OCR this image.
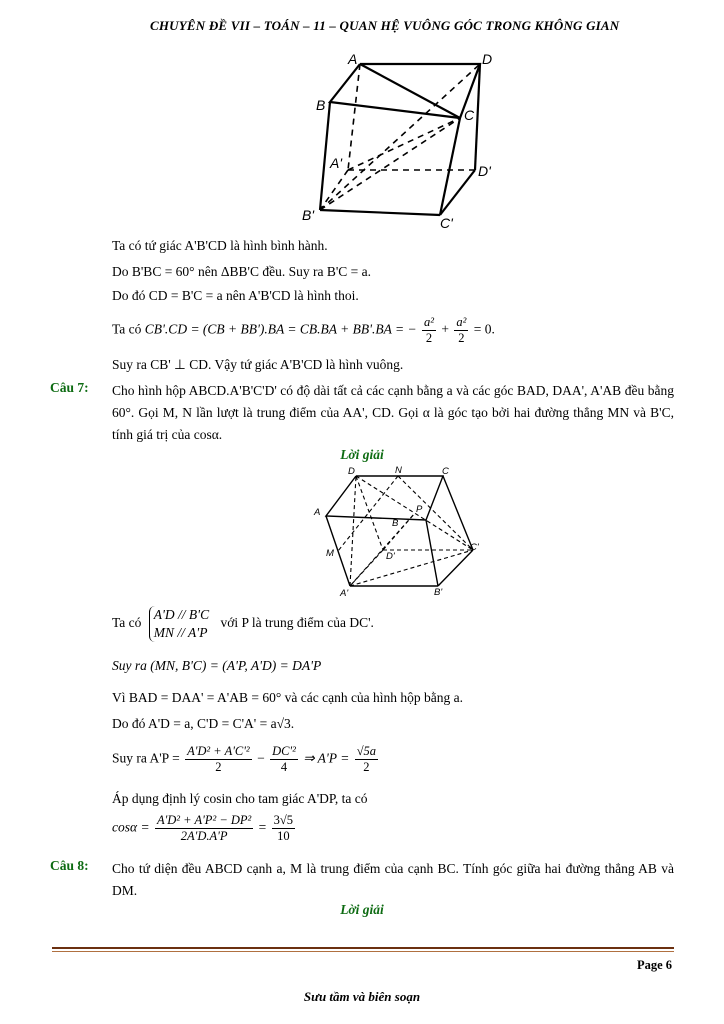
CHUYÊN ĐỀ VII – TOÁN – 11 – QUAN HỆ VUÔNG GÓC TRONG KHÔNG GIAN
A	D
B
C
A'	D'
B'	C'
Ta có tứ giác A'B'CD là hình bình hành.
Do B'BC = 60° nên ΔBB'C đều. Suy ra B'C = a.
Do đó CD = B'C = a nên A'B'CD là hình thoi.
Ta có CB'.CD = (CB + BB').BA = CB.BA + BB'.BA = − $\frac{\text{a²}}{2} + \frac{\text{a²}}{2} = 0$.
Suy ra CB' ⊥ CD. Vậy tứ giác A'B'CD là hình vuông.
Câu 7: Cho hình hộp ABCD.A'B'C'D' có độ dài tất cả các cạnh bằng a và các góc BAD, DAA', A'AB đều bằng 60°. Gọi M, N lần lượt là trung điểm của AA', CD. Gọi α là góc tạo bởi hai đường thẳng MN và B'C, tính giá trị của cosα.
Lời giải
D	N	C
A	P
B
M	D'
C'
A'	B'
Ta có
A'D // B'C
MN // A'P
với P là trung điểm của DC'.
Suy ra (MN, B'C) = (A'P, A'D) = DA'P
Vì BAD = DAA' = A'AB = 60° và các cạnh của hình hộp bằng a.
Do đó A'D = a, C'D = C'A' = a√3.
Suy ra $A'P = \frac{\text{A'D² + A'C'²}}{2} - \frac{\text{DC'²}}{4}$ ⇒ $A'P = \frac{√5a}{2}$
Áp dụng định lý cosin cho tam giác A'DP, ta có
$\cos\alpha = \frac{\text{A'D² + A'P² − DP²}}{2A'D.A'P} = \frac{3√5}{10}$
Câu 8: Cho tứ diện đều ABCD cạnh a, M là trung điểm của cạnh BC. Tính góc giữa hai đường thẳng AB và DM.
Lời giải
Page 6
Sưu tầm và biên soạn
